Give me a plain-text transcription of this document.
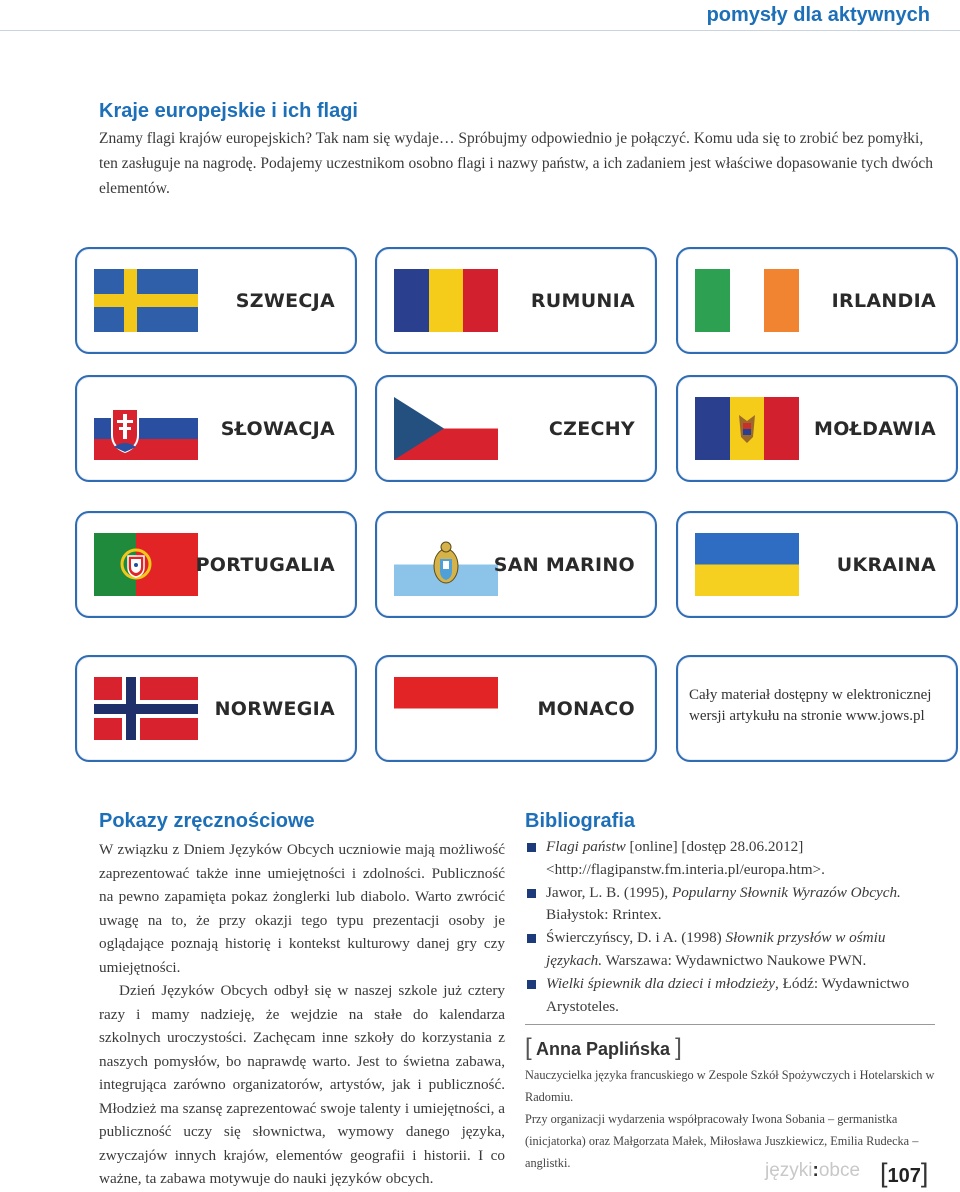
pomysły dla aktywnych
Kraje europejskie i ich flagi
Znamy flagi krajów europejskich? Tak nam się wydaje… Spróbujmy odpowiednio je połączyć. Komu uda się to zrobić bez pomyłki, ten zasługuje na nagrodę. Podajemy uczestnikom osobno flagi i nazwy państw, a ich zadaniem jest właściwe dopasowanie tych dwóch elementów.
SZWECJA	RUMUNIA	IRLANDIA
SŁOWACJA	CZECHY	MOŁDAWIA
PORTUGALIA	SAN MARINO	UKRAINA
NORWEGIA	MONACO
Cały materiał dostępny w elektronicznej wersji artykułu na stronie www.jows.pl
Pokazy zręcznościowe

W związku z Dniem Języków Obcych uczniowie mają możliwość zaprezentować także inne umiejętności i zdolności. Publiczność na pewno zapamięta pokaz żonglerki lub diabolo. Warto zwrócić uwagę na to, że przy okazji tego typu prezentacji osoby je oglądające poznają historię i kontekst kulturowy danej gry czy umiejętności.

Dzień Języków Obcych odbył się w naszej szkole już cztery razy i mamy nadzieję, że wejdzie na stałe do kalendarza szkolnych uroczystości. Zachęcam inne szkoły do korzystania z naszych pomysłów, bo naprawdę warto. Jest to świetna zabawa, integrująca zarówno organizatorów, artystów, jak i publiczność. Młodzież ma szansę zaprezentować swoje talenty i umiejętności, a publiczność uczy się słownictwa, wymowy danego języka, zwyczajów innych krajów, elementów geografii i historii. I co ważne, ta zabawa motywuje do nauki języków obcych.

Bibliografia
Flagi państw [online] [dostęp 28.06.2012] <http://flagipanstw.fm.interia.pl/europa.htm>.
Jawor, L. B. (1995), Popularny Słownik Wyrazów Obcych. Białystok: Rrintex.
Świerczyńscy, D. i A. (1998) Słownik przysłów w ośmiu językach. Warszawa: Wydawnictwo Naukowe PWN.
Wielki śpiewnik dla dzieci i młodzieży, Łódź: Wydawnictwo Arystoteles.
[ Anna Paplińska ]

Nauczycielka języka francuskiego w Zespole Szkół Spożywczych i Hotelarskich w Radomiu.

Przy organizacji wydarzenia współpracowały Iwona Sobania – germanistka (inicjatorka) oraz Małgorzata Małek, Miłosława Juszkiewicz, Emilia Rudecka – anglistki.	języki:obce [107]
